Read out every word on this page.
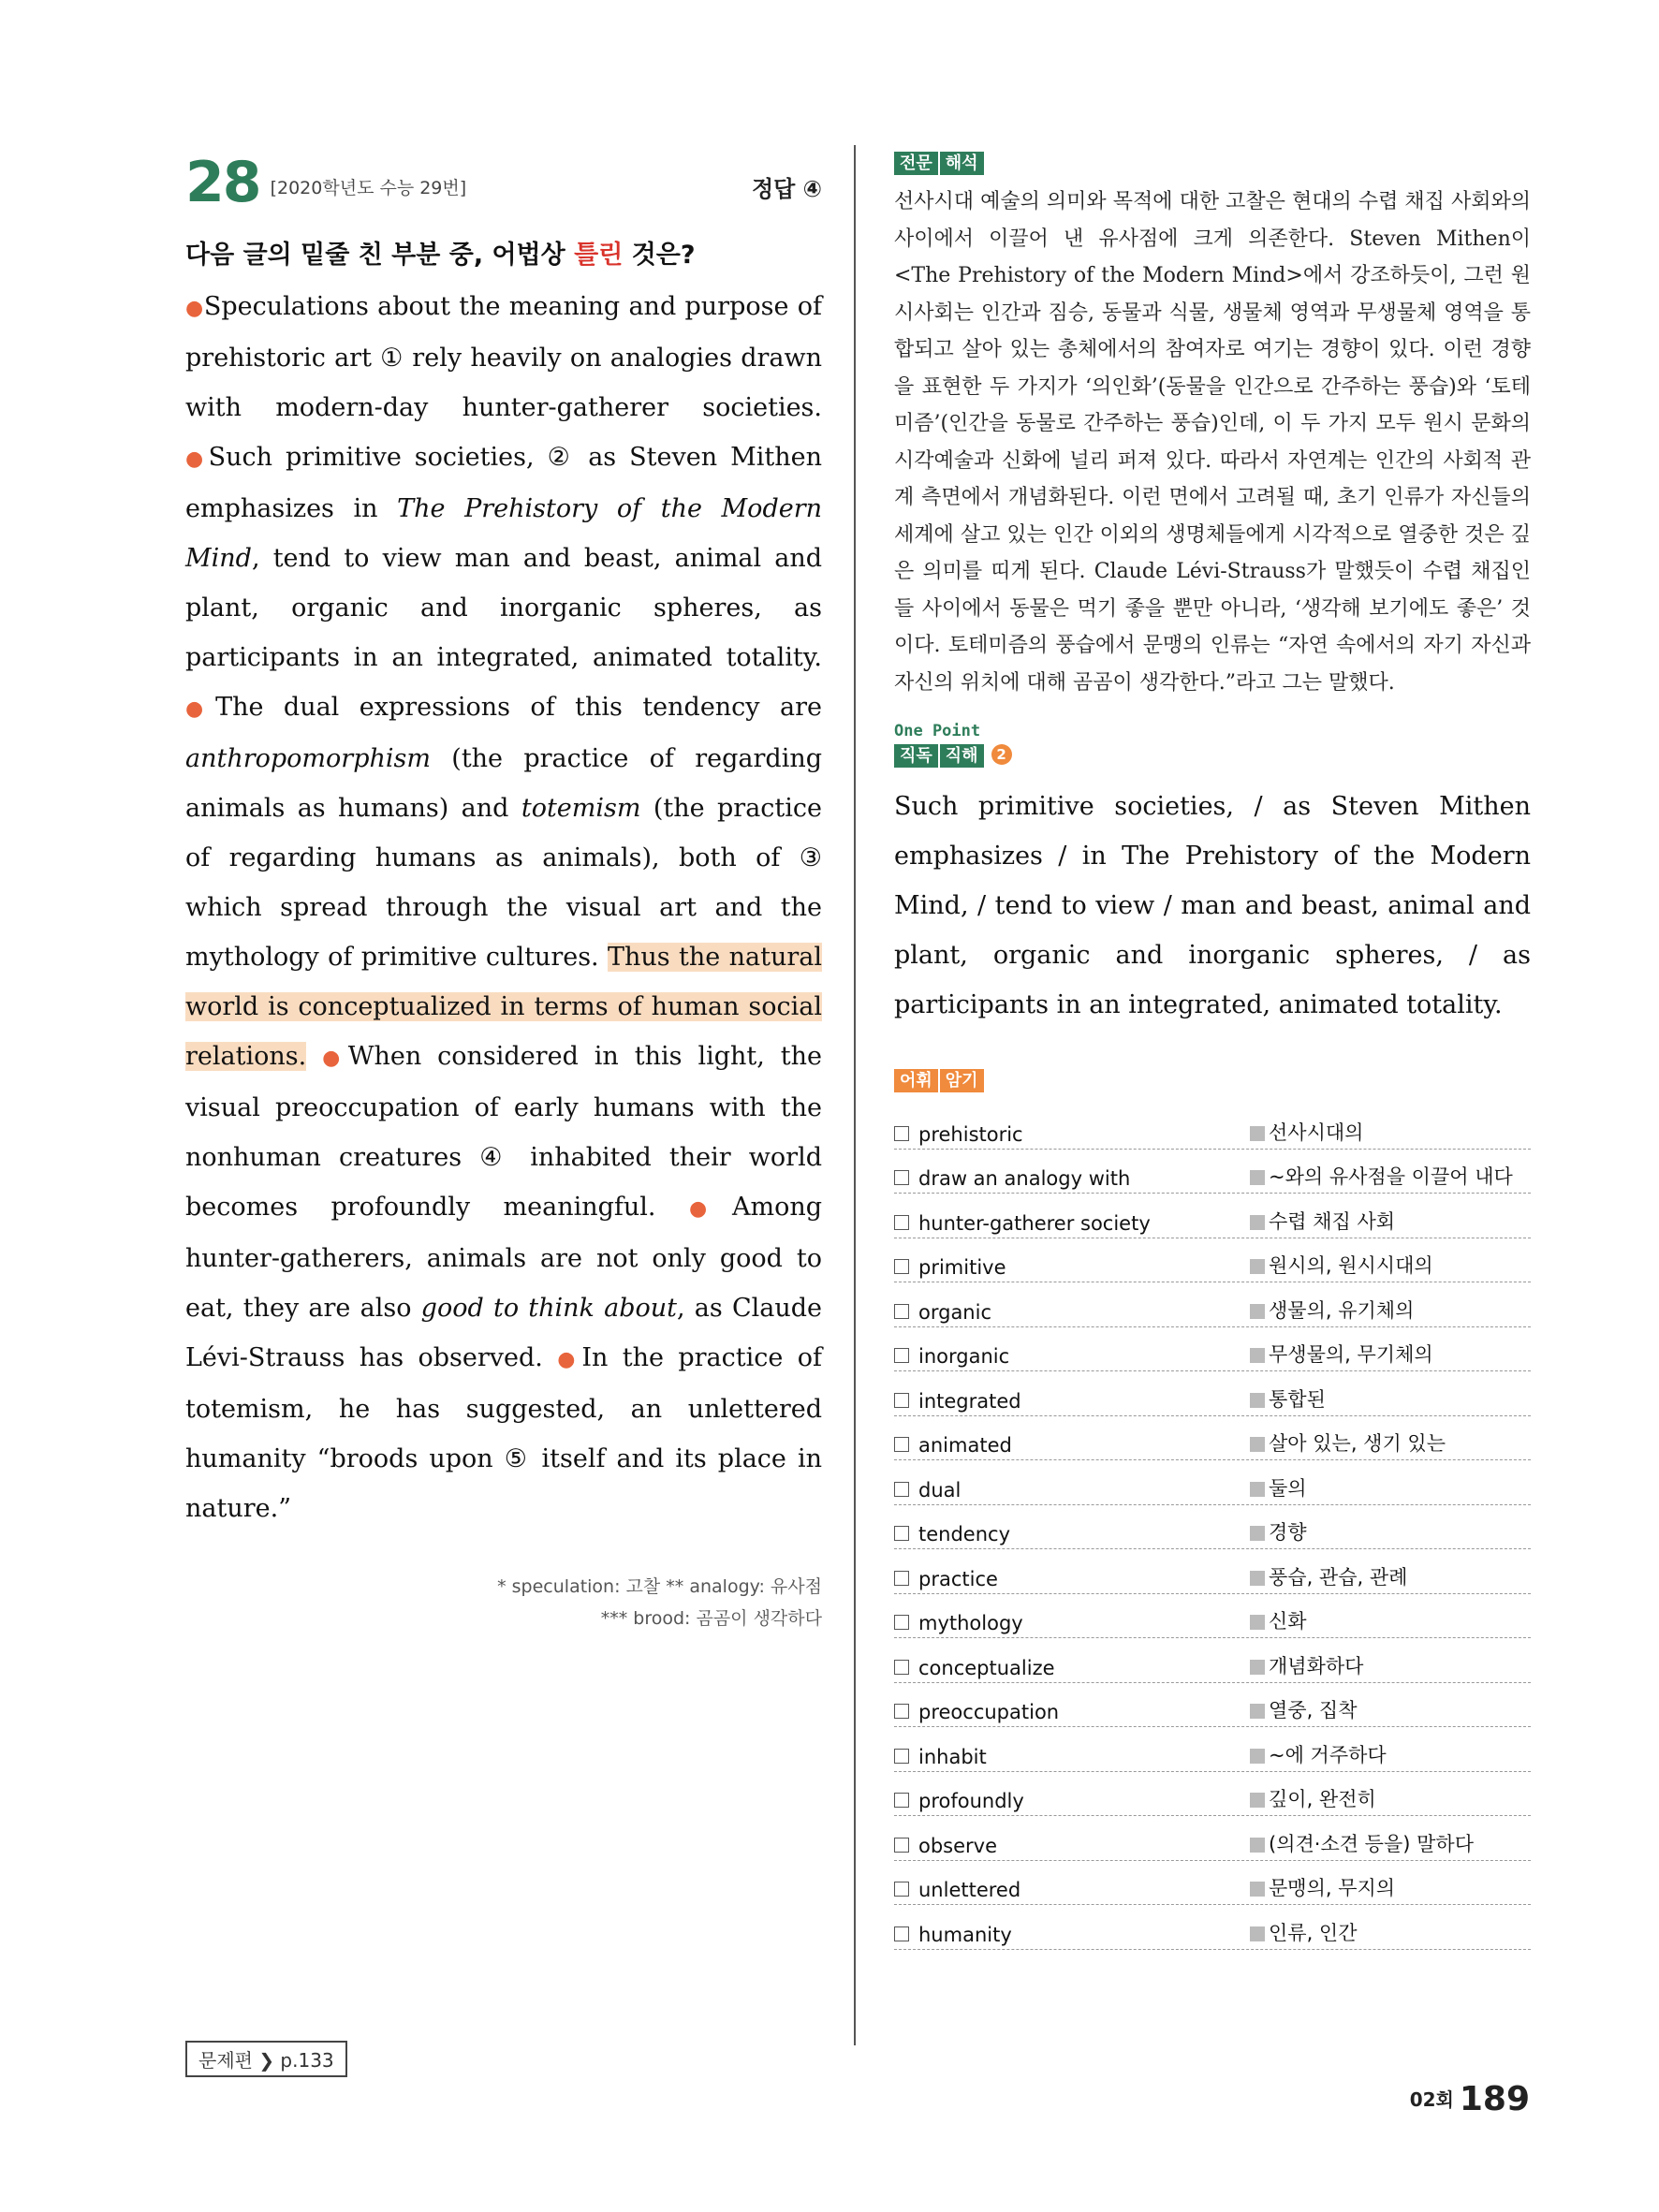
28 [2020학년도 수능 29번]	정답 ④
다음 글의 밑줄 친 부분 중, 어법상 틀린 것은?
●Speculations about the meaning and purpose of prehistoric art ① rely heavily on analogies drawn with modern-day hunter-gatherer societies. ●Such primitive societies, ② as Steven Mithen emphasizes in The Prehistory of the Modern Mind, tend to view man and beast, animal and plant, organic and inorganic spheres, as participants in an integrated, animated totality. ●The dual expressions of this tendency are anthropomorphism (the practice of regarding animals as humans) and totemism (the practice of regarding humans as animals), both of ③ which spread through the visual art and the mythology of primitive cultures. Thus the natural world is conceptualized in terms of human social relations. ●When considered in this light, the visual preoccupation of early humans with the nonhuman creatures ④ inhabited their world becomes profoundly meaningful. ●Among hunter-gatherers, animals are not only good to eat, they are also good to think about, as Claude Lévi-Strauss has observed. ●In the practice of totemism, he has suggested, an unlettered humanity “broods upon ⑤ itself and its place in nature.”
* speculation: 고찰 ** analogy: 유사점
*** brood: 곰곰이 생각하다
문제편 ❯ p.133
전문 해석
선사시대 예술의 의미와 목적에 대한 고찰은 현대의 수렵 채집 사회와의 사이에서 이끌어 낸 유사점에 크게 의존한다. Steven Mithen이 <The Prehistory of the Modern Mind>에서 강조하듯이, 그런 원시사회는 인간과 짐승, 동물과 식물, 생물체 영역과 무생물체 영역을 통합되고 살아 있는 총체에서의 참여자로 여기는 경향이 있다. 이런 경향을 표현한 두 가지가 ‘의인화’(동물을 인간으로 간주하는 풍습)와 ‘토테미즘’(인간을 동물로 간주하는 풍습)인데, 이 두 가지 모두 원시 문화의 시각예술과 신화에 널리 퍼져 있다. 따라서 자연계는 인간의 사회적 관계 측면에서 개념화된다. 이런 면에서 고려될 때, 초기 인류가 자신들의 세계에 살고 있는 인간 이외의 생명체들에게 시각적으로 열중한 것은 깊은 의미를 띠게 된다. Claude Lévi-Strauss가 말했듯이 수렵 채집인들 사이에서 동물은 먹기 좋을 뿐만 아니라, ‘생각해 보기에도 좋은’ 것이다. 토테미즘의 풍습에서 문맹의 인류는 “자연 속에서의 자기 자신과 자신의 위치에 대해 곰곰이 생각한다.”라고 그는 말했다.
One Point
직독 직해	2
Such primitive societies, / as Steven Mithen emphasizes / in The Prehistory of the Modern Mind, / tend to view / man and beast, animal and plant, organic and inorganic spheres, / as participants in an integrated, animated totality.
어휘 암기
prehistoric	선사시대의
draw an analogy with	~와의 유사점을 이끌어 내다
hunter-gatherer society	수렵 채집 사회
primitive	원시의, 원시시대의
organic	생물의, 유기체의
inorganic	무생물의, 무기체의
integrated	통합된
animated	살아 있는, 생기 있는
dual	둘의
tendency	경향
practice	풍습, 관습, 관례
mythology	신화
conceptualize	개념화하다
preoccupation	열중, 집착
inhabit	~에 거주하다
profoundly	깊이, 완전히
observe	(의견·소견 등을) 말하다
unlettered	문맹의, 무지의
humanity	인류, 인간
02회 189
